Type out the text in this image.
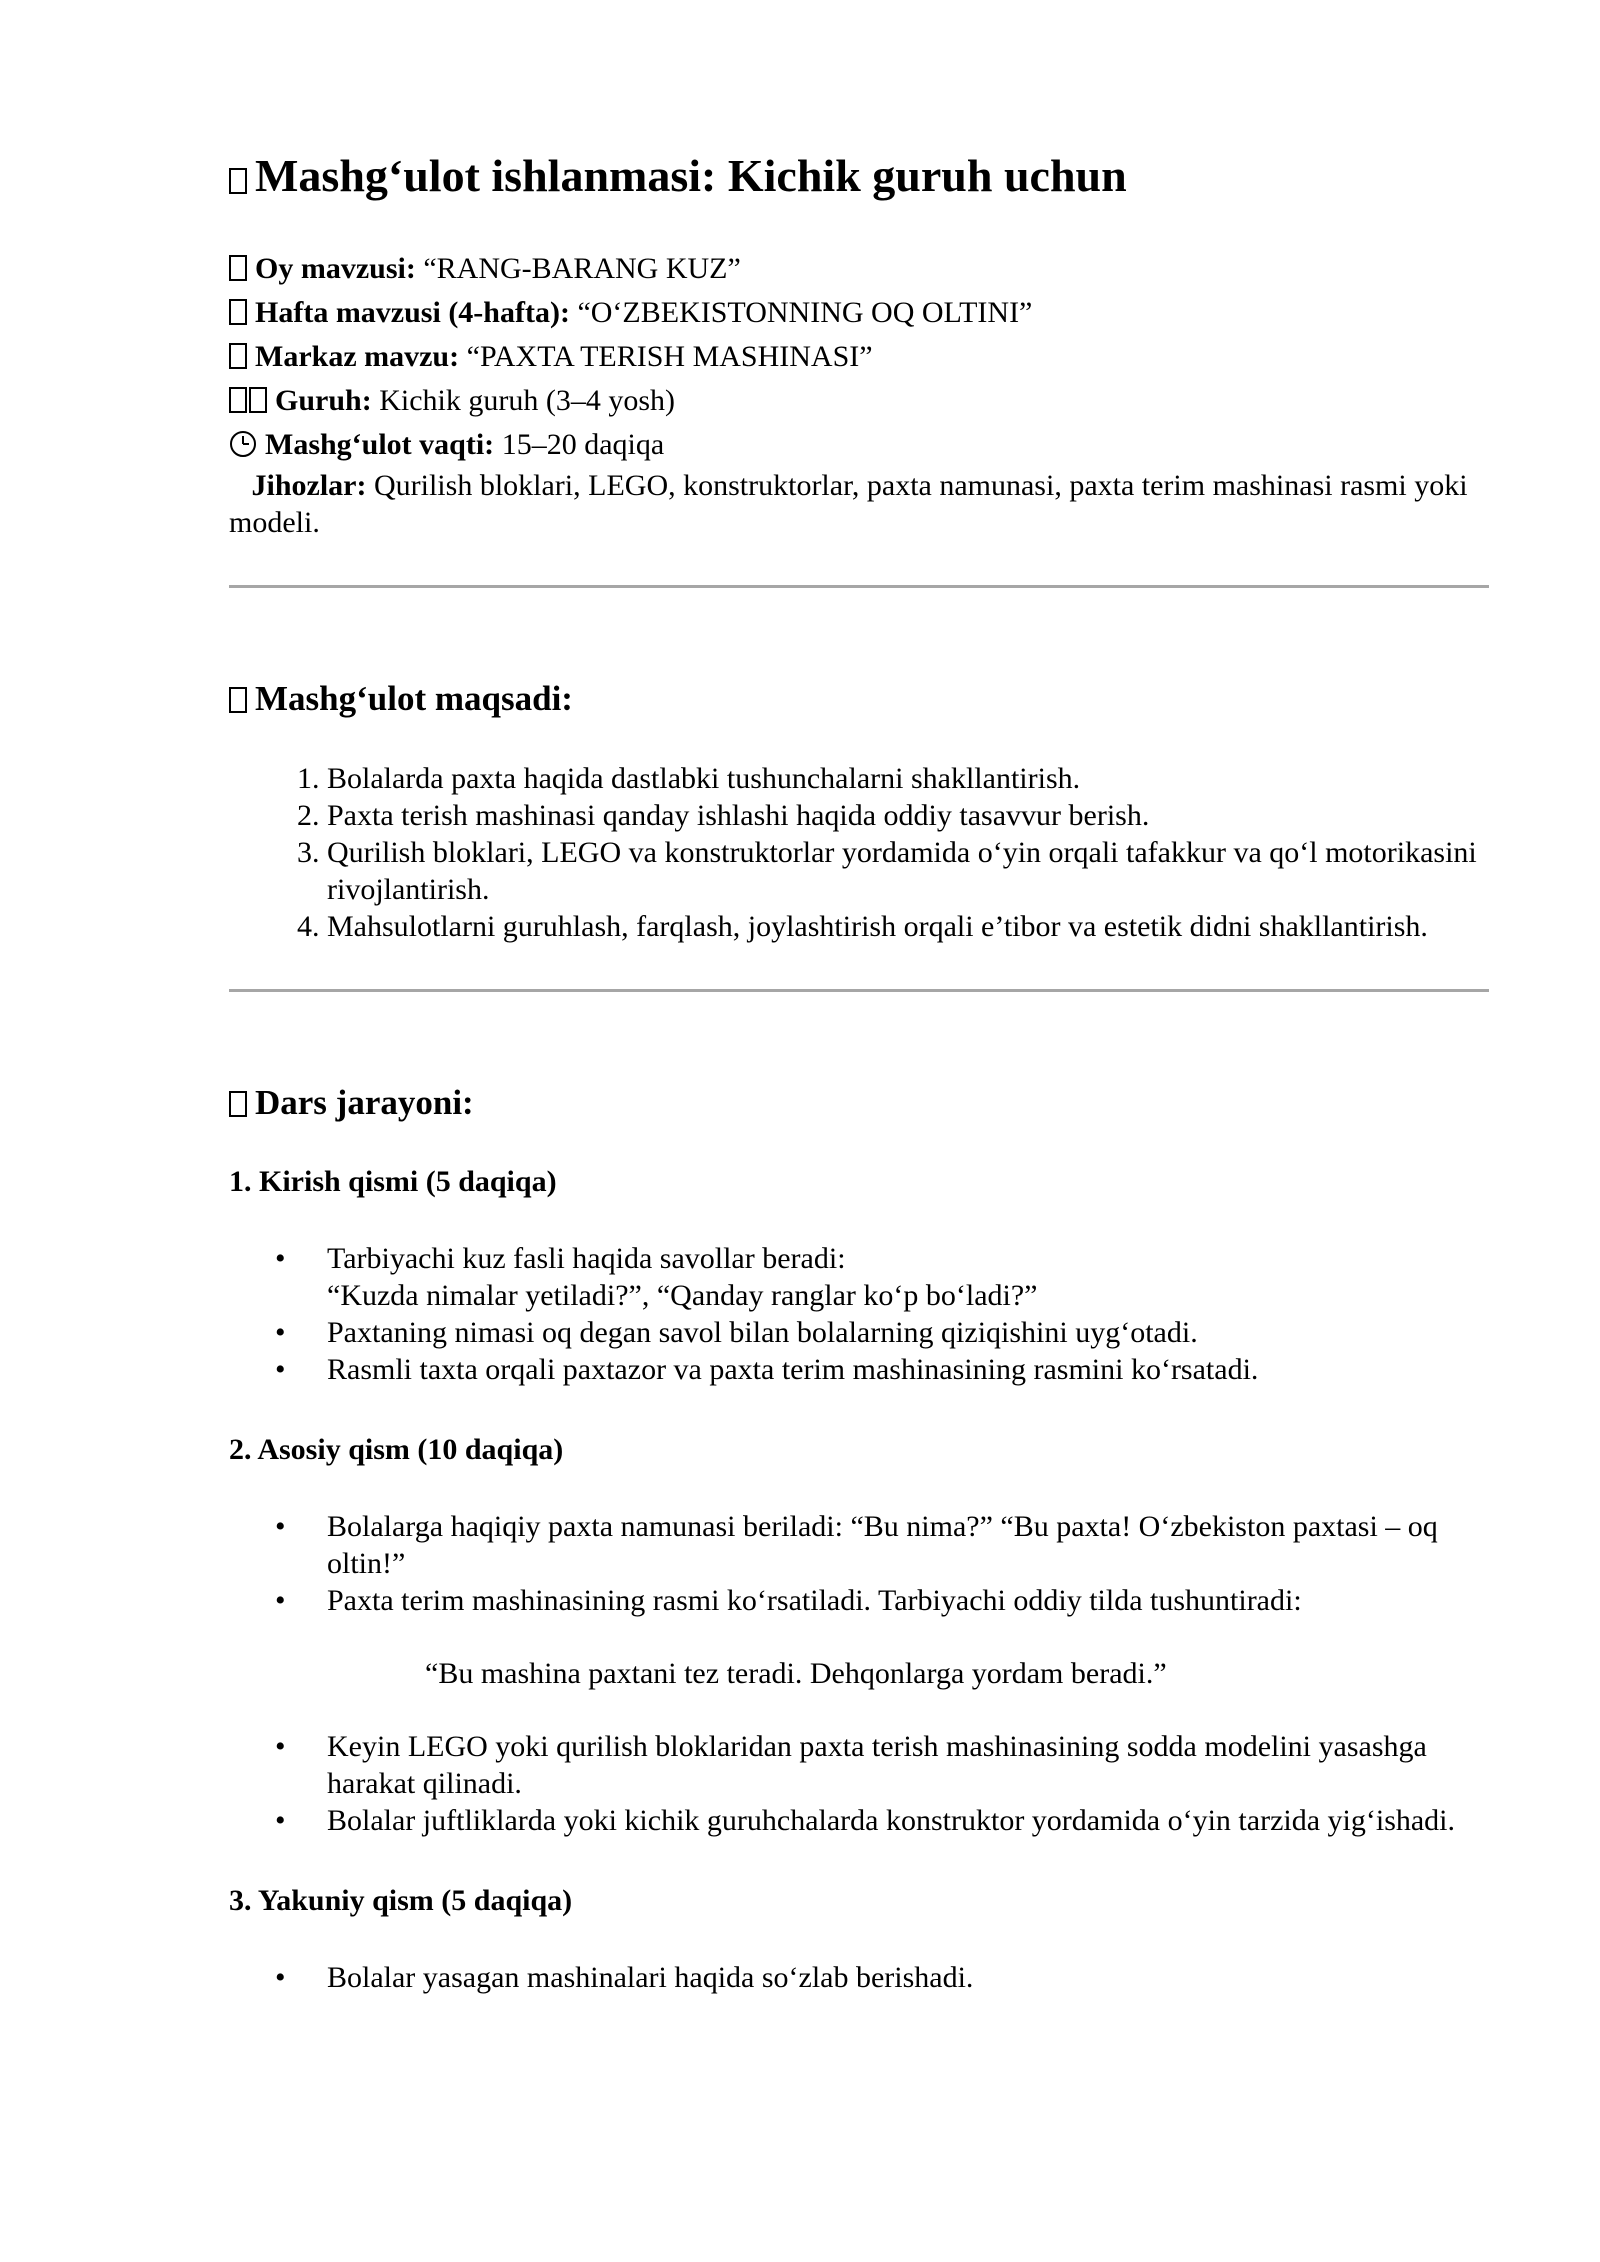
Mashg‘ulot ishlanmasi: Kichik guruh uchun

Oy mavzusi: “RANG-BARANG KUZ”

Hafta mavzusi (4-hafta): “O‘ZBEKISTONNING OQ OLTINI”

Markaz mavzu: “PAXTA TERISH MASHINASI”

Guruh: Kichik guruh (3–4 yosh)

Mashg‘ulot vaqti: 15–20 daqiqa

Jihozlar: Qurilish bloklari, LEGO, konstruktorlar, paxta namunasi, paxta terim mashinasi rasmi yoki modeli.

Mashg‘ulot maqsadi:
1. Bolalarda paxta haqida dastlabki tushunchalarni shakllantirish.
2. Paxta terish mashinasi qanday ishlashi haqida oddiy tasavvur berish.
3. Qurilish bloklari, LEGO va konstruktorlar yordamida o‘yin orqali tafakkur va qo‘l motorikasini rivojlantirish.
4. Mahsulotlarni guruhlash, farqlash, joylashtirish orqali e’tibor va estetik didni shakllantirish.
Dars jarayoni:
1. Kirish qismi (5 daqiqa)
• Tarbiyachi kuz fasli haqida savollar beradi:
“Kuzda nimalar yetiladi?”, “Qanday ranglar ko‘p bo‘ladi?”
• Paxtaning nimasi oq degan savol bilan bolalarning qiziqishini uyg‘otadi.
• Rasmli taxta orqali paxtazor va paxta terim mashinasining rasmini ko‘rsatadi.
2. Asosiy qism (10 daqiqa)
• Bolalarga haqiqiy paxta namunasi beriladi: “Bu nima?” “Bu paxta! O‘zbekiston paxtasi – oq oltin!”
• Paxta terim mashinasining rasmi ko‘rsatiladi. Tarbiyachi oddiy tilda tushuntiradi:

“Bu mashina paxtani tez teradi. Dehqonlarga yordam beradi.”

• Keyin LEGO yoki qurilish bloklaridan paxta terish mashinasining sodda modelini yasashga harakat qilinadi.
• Bolalar juftliklarda yoki kichik guruhchalarda konstruktor yordamida o‘yin tarzida yig‘ishadi.
3. Yakuniy qism (5 daqiqa)
• Bolalar yasagan mashinalari haqida so‘zlab berishadi.
